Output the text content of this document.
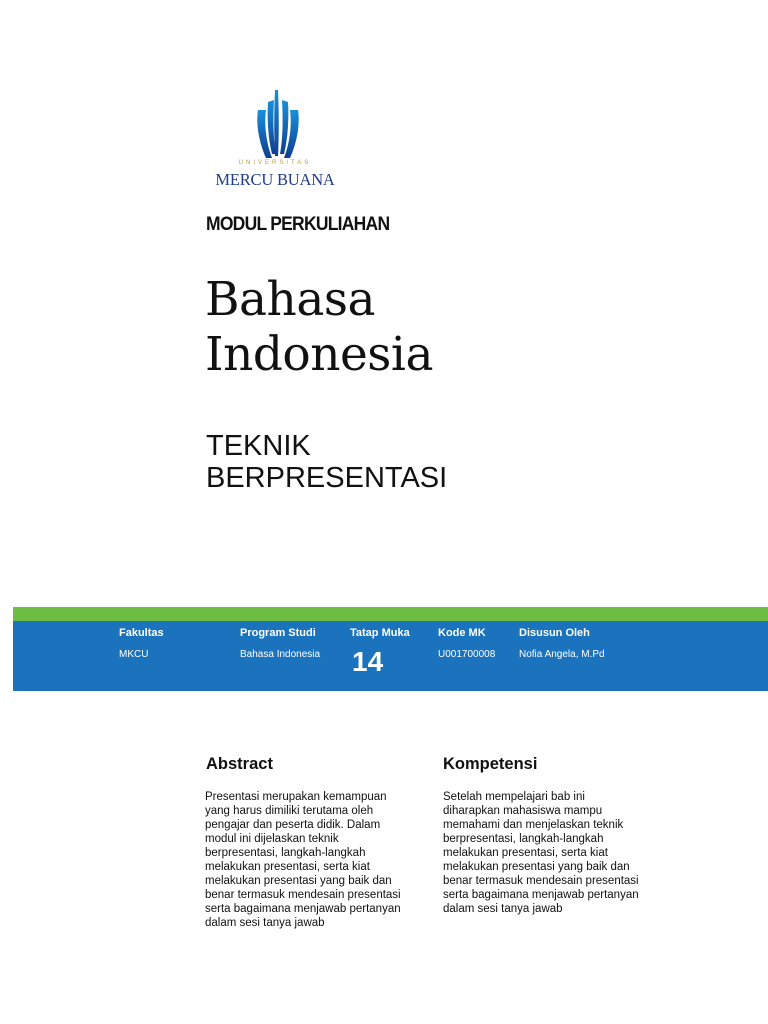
UNIVERSITAS
MERCU BUANA
MODUL PERKULIAHAN
Bahasa
Indonesia
TEKNIK
BERPRESENTASI
Fakultas
MKCU
Program Studi
Bahasa Indonesia
Tatap Muka
14
Kode MK
U001700008
Disusun Oleh
Nofia Angela, M.Pd
Abstract

Presentasi merupakan kemampuan
yang harus dimiliki terutama oleh
pengajar dan peserta didik. Dalam
modul ini dijelaskan teknik
berpresentasi, langkah-langkah
melakukan presentasi, serta kiat
melakukan presentasi yang baik dan
benar termasuk mendesain presentasi
serta bagaimana menjawab pertanyan
dalam sesi tanya jawab

Kompetensi

Setelah mempelajari bab ini
diharapkan mahasiswa mampu
memahami dan menjelaskan teknik
berpresentasi, langkah-langkah
melakukan presentasi, serta kiat
melakukan presentasi yang baik dan
benar termasuk mendesain presentasi
serta bagaimana menjawab pertanyan
dalam sesi tanya jawab
